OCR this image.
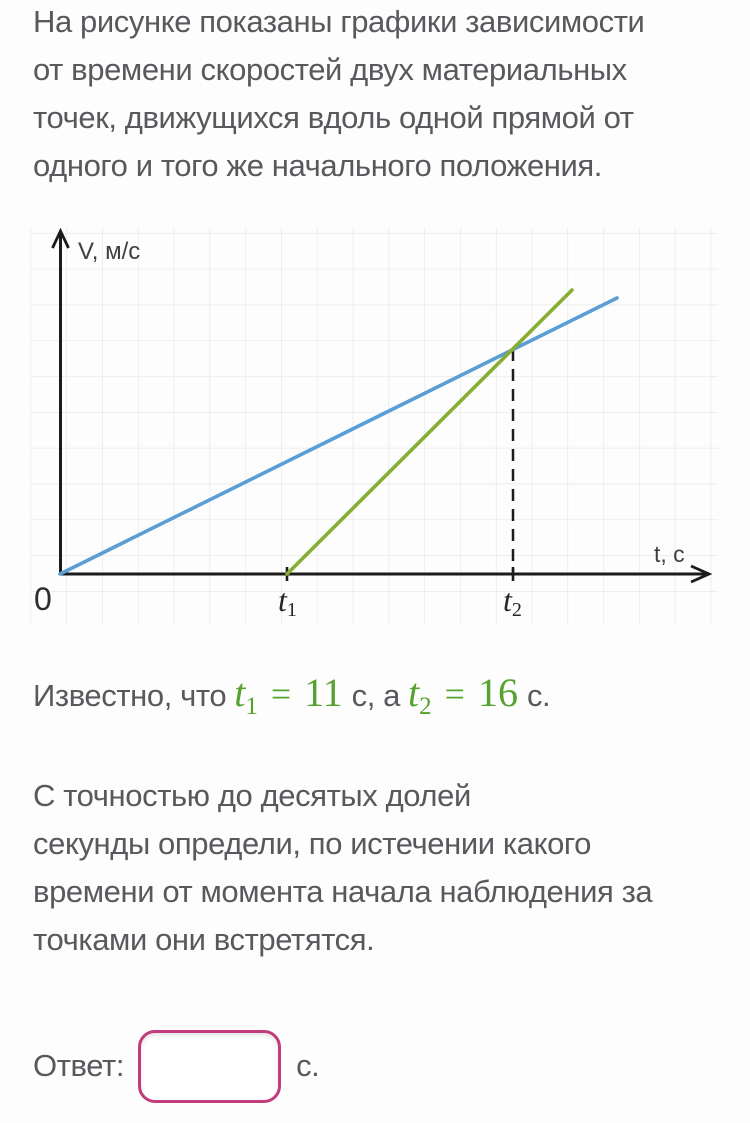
На рисунке показаны графики зависимости
от времени скоростей двух материальных
точек, движущихся вдоль одной прямой от
одного и того же начального положения.
V, м/с
t, с
0	t1	t2
Известно, что $t_1 = 11$ с, а $t_2 = 16$ с.
С точностью до десятых долей
секунды определи, по истечении какого
времени от момента начала наблюдения за
точками они встретятся.
Ответ:	с.
